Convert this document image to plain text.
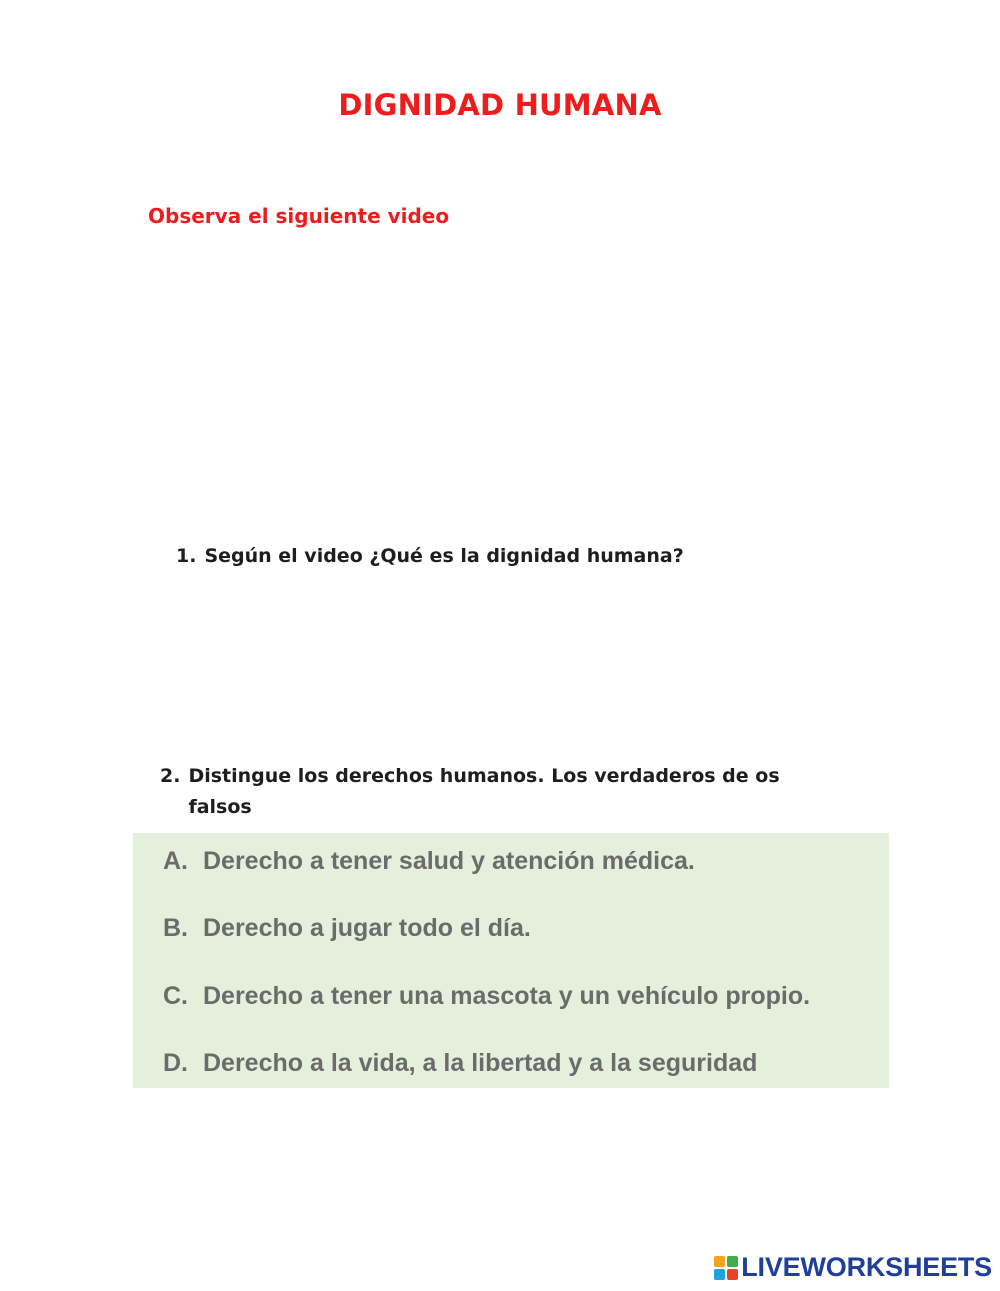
DIGNIDAD HUMANA
Observa el siguiente video
1. Según el video ¿Qué es la dignidad humana?
2. Distingue los derechos humanos. Los verdaderos de os falsos
A. Derecho a tener salud y atención médica.
B. Derecho a jugar todo el día.
C. Derecho a tener una mascota y un vehículo propio.
D. Derecho a la vida, a la libertad y a la seguridad
LIVEWORKSHEETS
